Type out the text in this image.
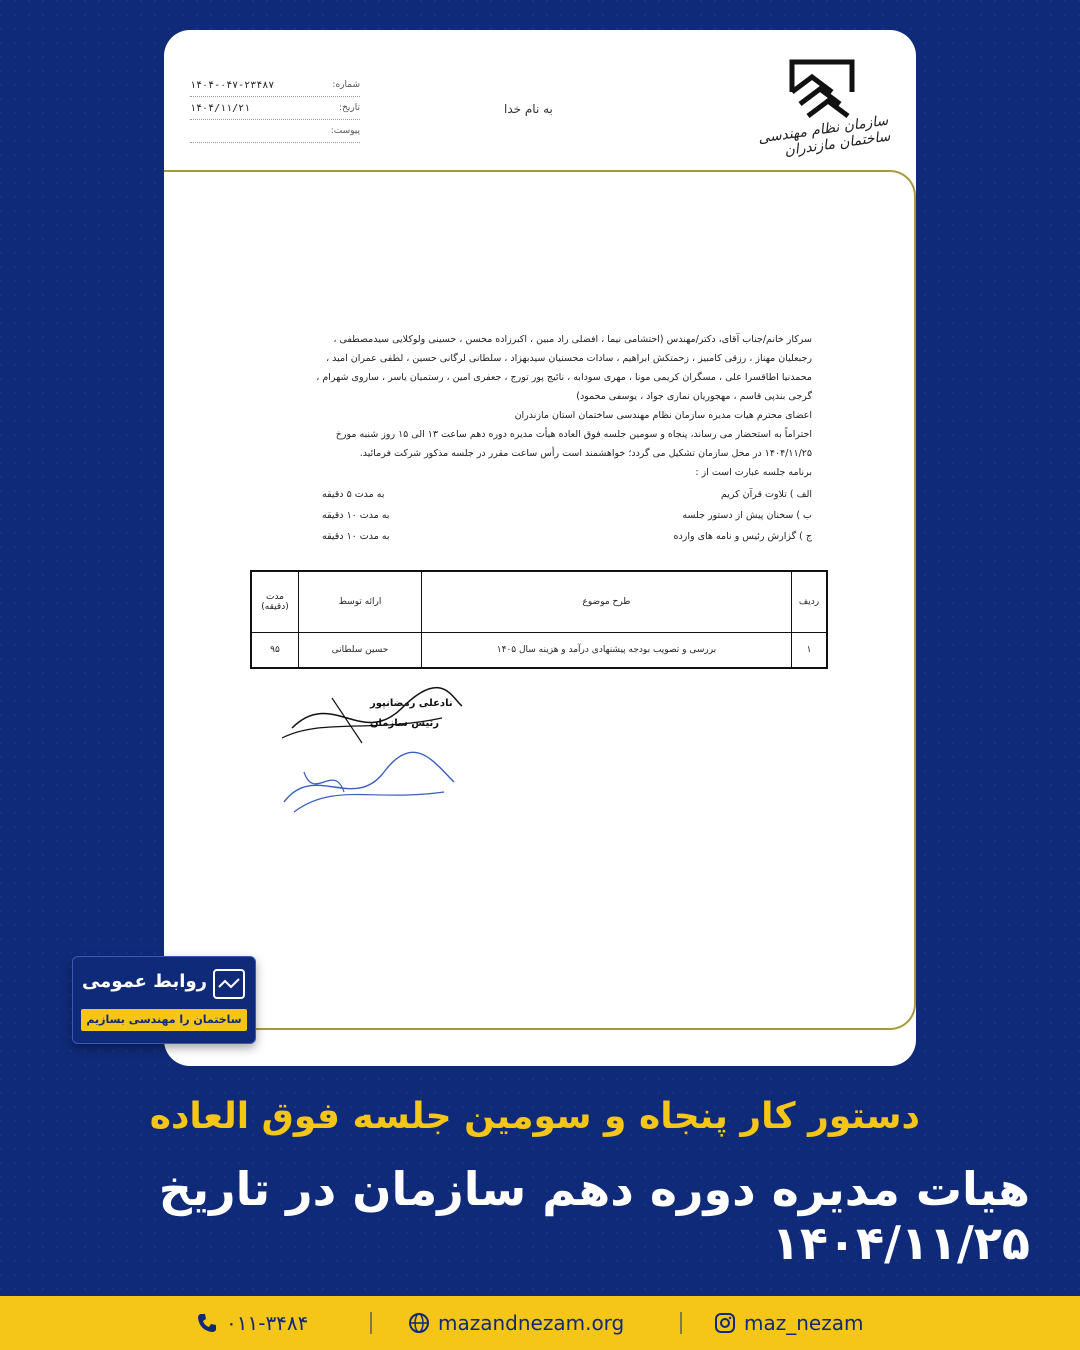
شماره:
۱۴۰۴-۰۴۷-۲۳۴۸۷
تاریخ:
۱۴۰۴/۱۱/۲۱
پیوست:
به نام خدا
سازمان نظام مهندسی ساختمان مازندران

سرکار خانم/جناب آقای، دکتر/مهندس (احتشامی نیما ، افضلی راد مبین ، اکبرزاده محسن ، حسینی ولوکلایی سیدمصطفی ،

رجبعلیان مهناز ، رزقی کامبیز ، زحمتکش ابراهیم ، سادات محسنیان سیدبهزاد ، سلطانی لرگانی حسین ، لطفی عمران امید ،

محمدنیا اطاقسرا علی ، مسگران کریمی مونا ، مهری سودابه ، نائیج پور تورج ، جعفری امین ، رستمیان یاسر ، ساروی شهرام ،

گرجی بندپی قاسم ، مهجوریان نماری جواد ، یوسفی محمود)

اعضای محترم هیات مدیره سازمان نظام مهندسی ساختمان استان مازندران

احتراماً به استحضار می رساند، پنجاه و سومین جلسه فوق العاده هیأت مدیره دوره دهم ساعت ۱۳ الی ۱۵ روز شنبه مورخ

۱۴۰۴/۱۱/۲۵ در محل سازمان تشکیل می گردد؛ خواهشمند است رأس ساعت مقرر در جلسه مذکور شرکت فرمائید.

برنامه جلسه عبارت است از :

الف ) تلاوت قرآن کریم
به مدت ۵ دقیقه
ب ) سخنان پیش از دستور جلسه
به مدت ۱۰ دقیقه
ج ) گزارش رئیس و نامه های وارده
به مدت ۱۰ دقیقه
ردیف	طرح موضوع	ارائه توسط	مدت (دقیقه)
۱	بررسی و تصویب بودجه پیشنهادی درآمد و هزینه سال ۱۴۰۵	حسین سلطانی	۹۵
نادعلی رمضانپور
رئیس سازمان
روابط عمومی
ساختمان را مهندسی بسازیم
دستور کار پنجاه و سومین جلسه فوق العاده
هیات مدیره دوره دهم سازمان در تاریخ ۱۴۰۴/۱۱/۲۵
۰۱۱-۳۴۸۴	mazandnezam.org	maz_nezam
